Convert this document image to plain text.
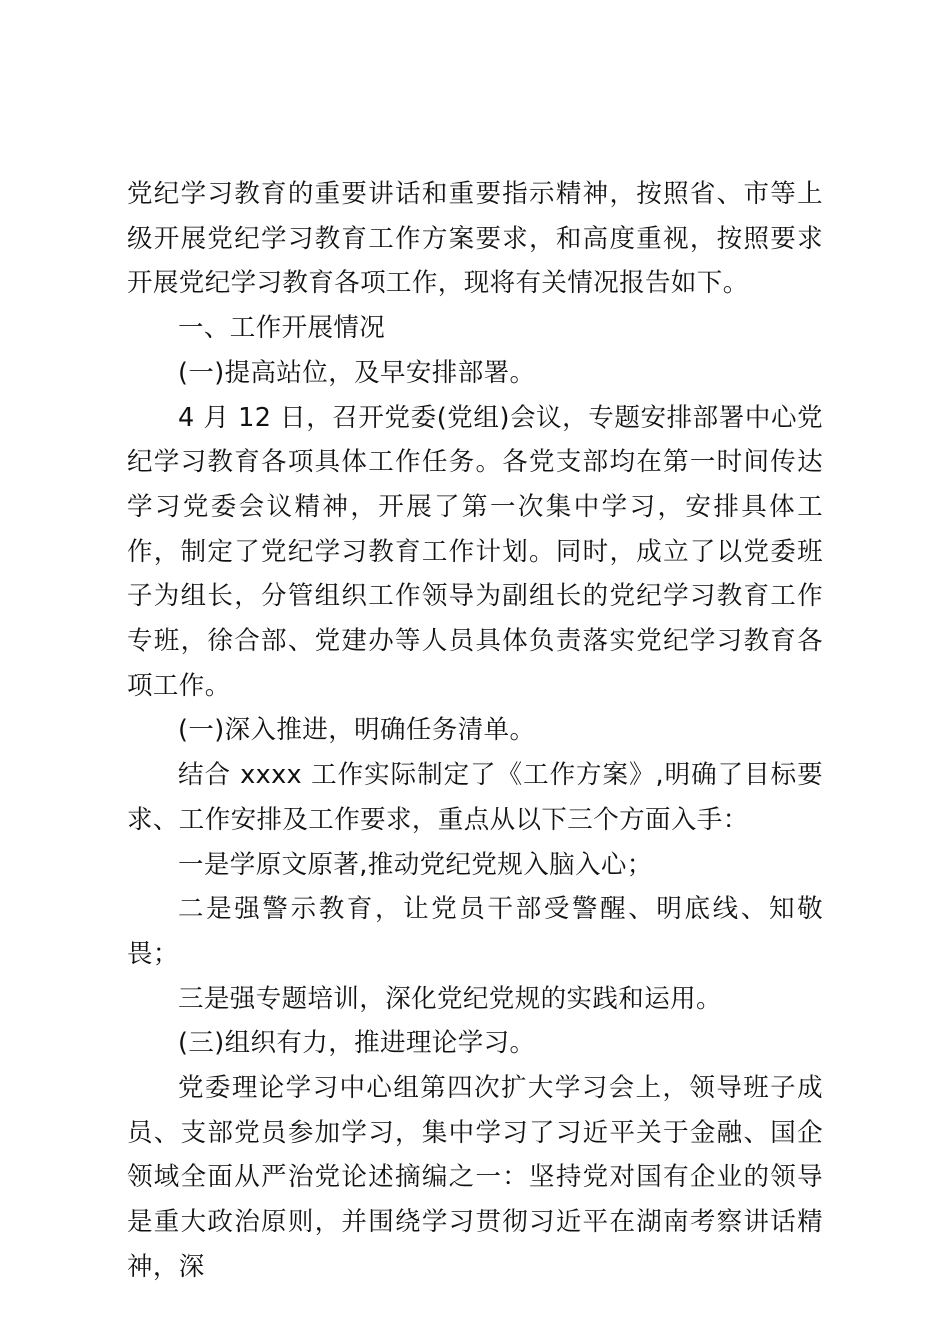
党纪学习教育的重要讲话和重要指示精神，按照省、市等上级开展党纪学习教育工作方案要求，和高度重视，按照要求开展党纪学习教育各项工作，现将有关情况报告如下。

一、工作开展情况

(一)提高站位，及早安排部署。

4 月 12 日，召开党委(党组)会议，专题安排部署中心党纪学习教育各项具体工作任务。各党支部均在第一时间传达学习党委会议精神，开展了第一次集中学习，安排具体工作，制定了党纪学习教育工作计划。同时，成立了以党委班子为组长，分管组织工作领导为副组长的党纪学习教育工作专班，徐合部、党建办等人员具体负责落实党纪学习教育各项工作。

(一)深入推进，明确任务清单。

结合 xxxx 工作实际制定了《工作方案》,明确了目标要求、工作安排及工作要求，重点从以下三个方面入手：

一是学原文原著,推动党纪党规入脑入心；

二是强警示教育，让党员干部受警醒、明底线、知敬畏；

三是强专题培训，深化党纪党规的实践和运用。

(三)组织有力，推进理论学习。

党委理论学习中心组第四次扩大学习会上，领导班子成员、支部党员参加学习，集中学习了习近平关于金融、国企领域全面从严治党论述摘编之一：坚持党对国有企业的领导是重大政治原则，并围绕学习贯彻习近平在湖南考察讲话精神，深
